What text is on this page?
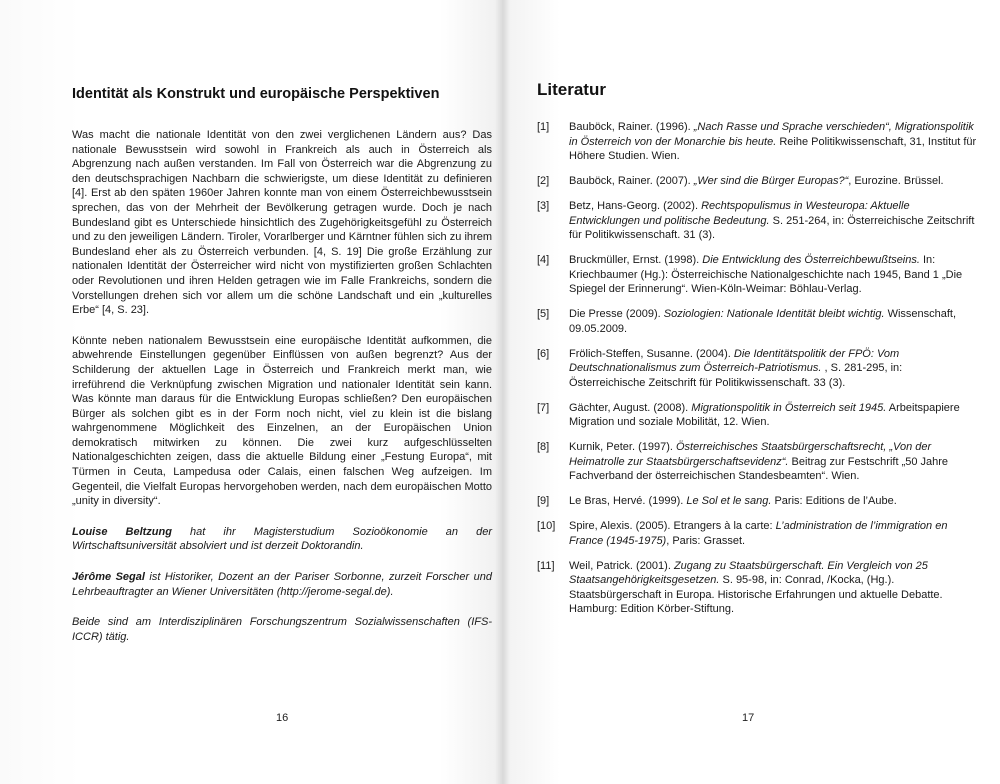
Identität als Konstrukt und europäische Perspektiven

Was macht die nationale Identität von den zwei verglichenen Ländern aus? Das nationale Bewusstsein wird sowohl in Frankreich als auch in Österreich als Abgrenzung nach außen verstanden. Im Fall von Österreich war die Abgrenzung zu den deutschsprachigen Nachbarn die schwierigste, um diese Identität zu definieren [4]. Erst ab den späten 1960er Jahren konnte man von einem Österreichbewusstsein sprechen, das von der Mehrheit der Bevölkerung getragen wurde. Doch je nach Bundesland gibt es Unterschiede hinsichtlich des Zugehörigkeitsgefühl zu Österreich und zu den jeweiligen Ländern. Tiroler, Vorarlberger und Kärntner fühlen sich zu ihrem Bundesland eher als zu Österreich verbunden. [4, S. 19] Die große Erzählung zur nationalen Identität der Österreicher wird nicht von mystifizierten großen Schlachten oder Revolutionen und ihren Helden getragen wie im Falle Frankreichs, sondern die Vorstellungen drehen sich vor allem um die schöne Landschaft und ein „kulturelles Erbe“ [4, S. 23].

Könnte neben nationalem Bewusstsein eine europäische Identität aufkommen, die abwehrende Einstellungen gegenüber Einflüssen von außen begrenzt? Aus der Schilderung der aktuellen Lage in Österreich und Frankreich merkt man, wie irreführend die Verknüpfung zwischen Migration und nationaler Identität sein kann. Was könnte man daraus für die Entwicklung Europas schließen? Den europäischen Bürger als solchen gibt es in der Form noch nicht, viel zu klein ist die bislang wahrgenommene Möglichkeit des Einzelnen, an der Europäischen Union demokratisch mitwirken zu können. Die zwei kurz aufgeschlüsselten Nationalgeschichten zeigen, dass die aktuelle Bildung einer „Festung Europa“, mit Türmen in Ceuta, Lampedusa oder Calais, einen falschen Weg aufzeigen. Im Gegenteil, die Vielfalt Europas hervorgehoben werden, nach dem europäischen Motto „unity in diversity“.

Louise Beltzung hat ihr Magisterstudium Sozioökonomie an der Wirtschaftsuniversität absolviert und ist derzeit Doktorandin.

Jérôme Segal ist Historiker, Dozent an der Pariser Sorbonne, zurzeit Forscher und Lehrbeauftragter an Wiener Universitäten (http://jerome-segal.de).

Beide sind am Interdisziplinären Forschungszentrum Sozialwissenschaften (IFS-ICCR) tätig.

16
Literatur
[1] Bauböck, Rainer. (1996). „Nach Rasse und Sprache verschieden“, Migrationspolitik in Österreich von der Monarchie bis heute. Reihe Politikwissenschaft, 31, Institut für Höhere Studien. Wien.
[2] Bauböck, Rainer. (2007). „Wer sind die Bürger Europas?“, Eurozine. Brüssel.
[3] Betz, Hans-Georg. (2002). Rechtspopulismus in Westeuropa: Aktuelle Entwicklungen und politische Bedeutung. S. 251-264, in: Österreichische Zeitschrift für Politikwissenschaft. 31 (3).
[4] Bruckmüller, Ernst. (1998). Die Entwicklung des Österreichbewußtseins. In: Kriechbaumer (Hg.): Österreichische Nationalgeschichte nach 1945, Band 1 „Die Spiegel der Erinnerung“. Wien-Köln-Weimar: Böhlau-Verlag.
[5] Die Presse (2009). Soziologien: Nationale Identität bleibt wichtig. Wissenschaft, 09.05.2009.
[6] Frölich-Steffen, Susanne. (2004). Die Identitätspolitik der FPÖ: Vom Deutschnationalismus zum Österreich-Patriotismus. , S. 281-295, in: Österreichische Zeitschrift für Politikwissenschaft. 33 (3).
[7] Gächter, August. (2008). Migrationspolitik in Österreich seit 1945. Arbeitspapiere Migration und soziale Mobilität, 12. Wien.
[8] Kurnik, Peter. (1997). Österreichisches Staatsbürgerschaftsrecht, „Von der Heimatrolle zur Staatsbürgerschaftsevidenz“. Beitrag zur Festschrift „50 Jahre Fachverband der österreichischen Standesbeamten“. Wien.
[9] Le Bras, Hervé. (1999). Le Sol et le sang. Paris: Editions de l’Aube.
[10] Spire, Alexis. (2005). Etrangers à la carte: L’administration de l’immigration en France (1945-1975), Paris: Grasset.
[11] Weil, Patrick. (2001). Zugang zu Staatsbürgerschaft. Ein Vergleich von 25 Staatsangehörigkeitsgesetzen. S. 95-98, in: Conrad, /Kocka, (Hg.). Staatsbürgerschaft in Europa. Historische Erfahrungen und aktuelle Debatte. Hamburg: Edition Körber-Stiftung.
17
